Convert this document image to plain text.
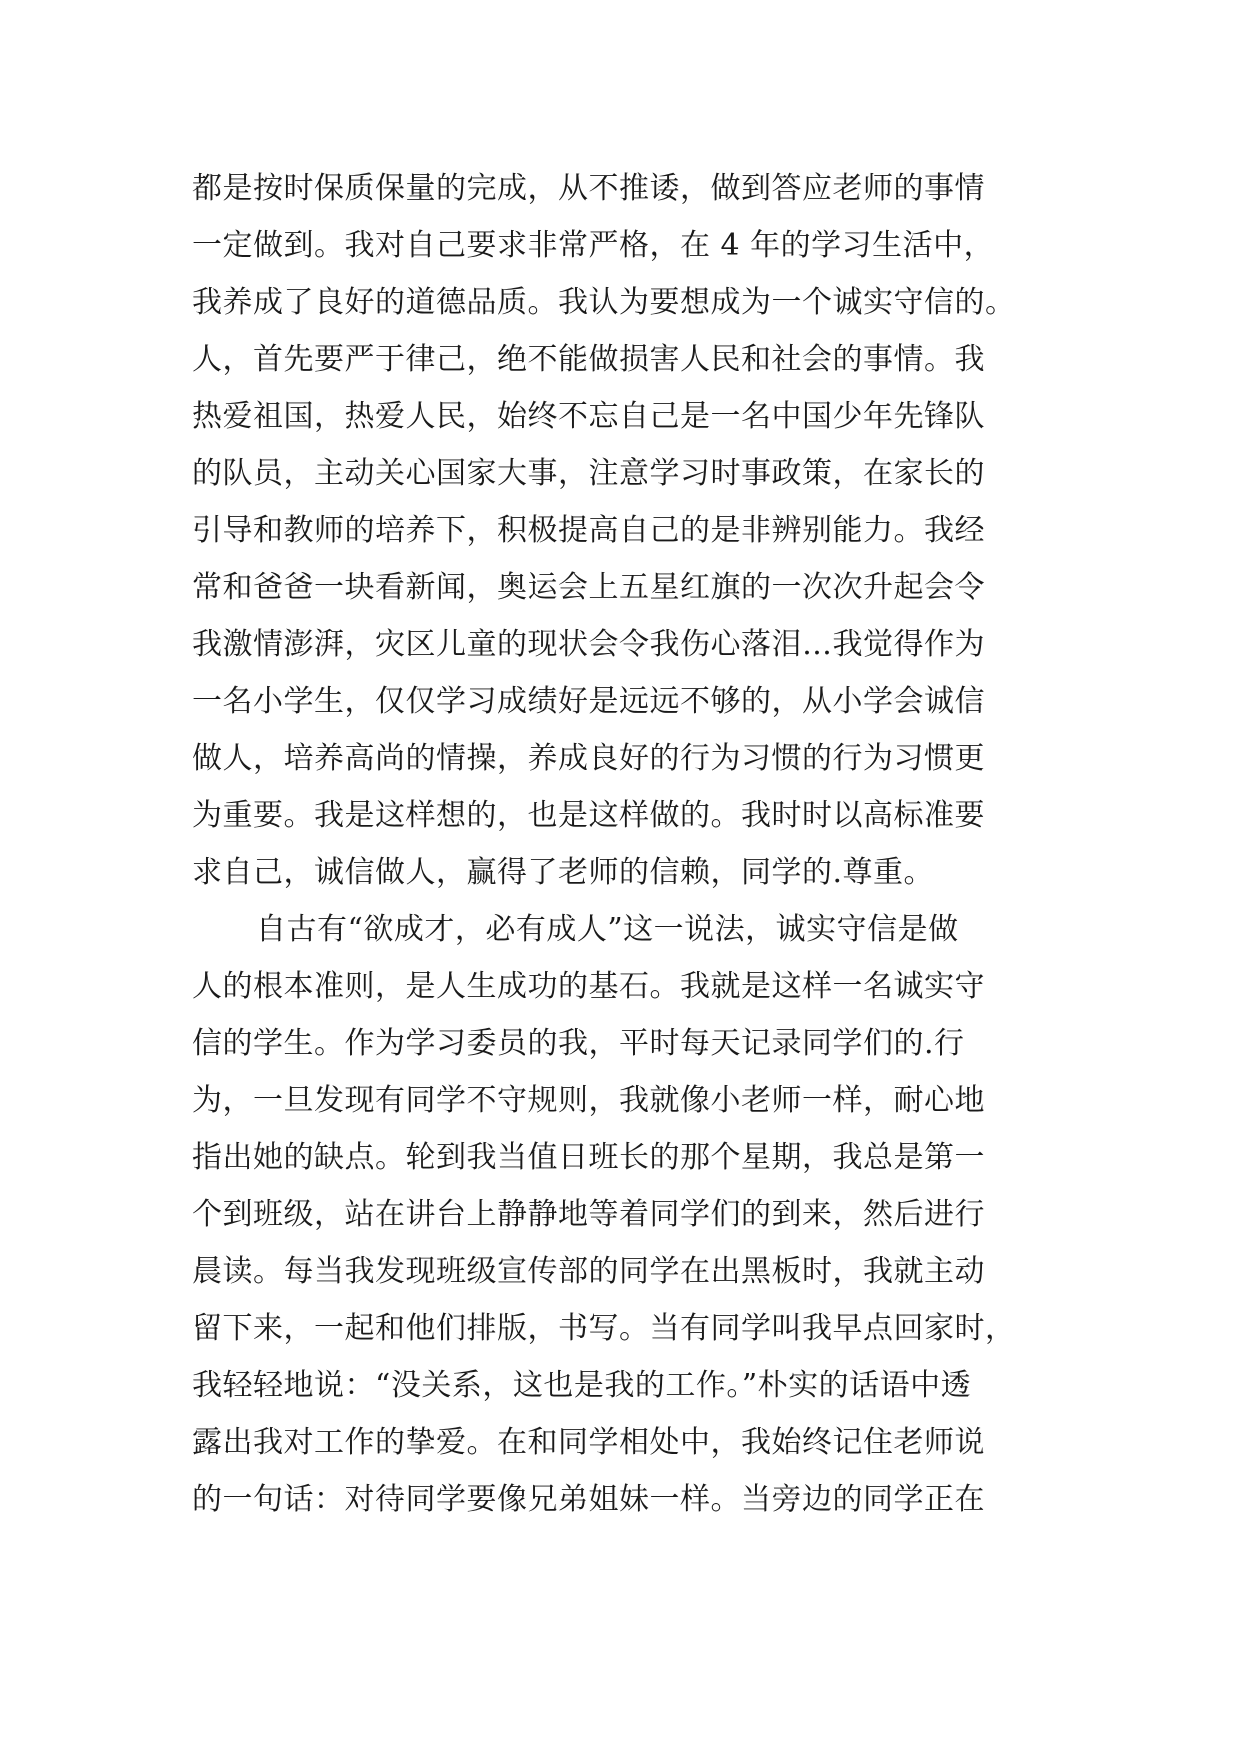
都是按时保质保量的完成，从不推诿，做到答应老师的事情
一定做到。我对自己要求非常严格，在 4 年的学习生活中，
我养成了良好的道德品质。我认为要想成为一个诚实守信的。
人，首先要严于律己，绝不能做损害人民和社会的事情。我
热爱祖国，热爱人民，始终不忘自己是一名中国少年先锋队
的队员，主动关心国家大事，注意学习时事政策，在家长的
引导和教师的培养下，积极提高自己的是非辨别能力。我经
常和爸爸一块看新闻，奥运会上五星红旗的一次次升起会令
我激情澎湃，灾区儿童的现状会令我伤心落泪…我觉得作为
一名小学生，仅仅学习成绩好是远远不够的，从小学会诚信
做人，培养高尚的情操，养成良好的行为习惯的行为习惯更
为重要。我是这样想的，也是这样做的。我时时以高标准要
求自己，诚信做人，赢得了老师的信赖，同学的.尊重。
自古有“欲成才，必有成人”这一说法，诚实守信是做
人的根本准则，是人生成功的基石。我就是这样一名诚实守
信的学生。作为学习委员的我，平时每天记录同学们的.行
为，一旦发现有同学不守规则，我就像小老师一样，耐心地
指出她的缺点。轮到我当值日班长的那个星期，我总是第一
个到班级，站在讲台上静静地等着同学们的到来，然后进行
晨读。每当我发现班级宣传部的同学在出黑板时，我就主动
留下来，一起和他们排版，书写。当有同学叫我早点回家时，
我轻轻地说：“没关系，这也是我的工作。”朴实的话语中透
露出我对工作的挚爱。在和同学相处中，我始终记住老师说
的一句话：对待同学要像兄弟姐妹一样。当旁边的同学正在
